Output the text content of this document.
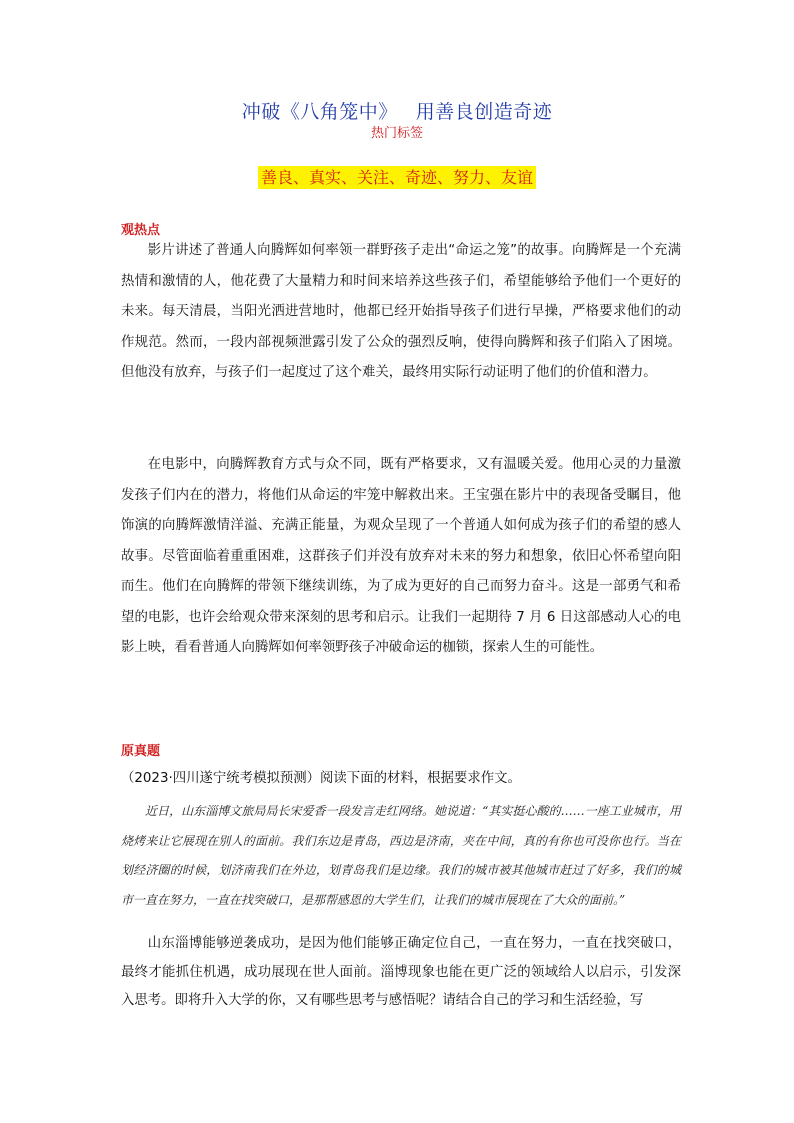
冲破《八角笼中》 用善良创造奇迹
热门标签
善良、真实、关注、奇迹、努力、友谊
观热点

影片讲述了普通人向腾辉如何率领一群野孩子走出“命运之笼”的故事。向腾辉是一个充满热情和激情的人，他花费了大量精力和时间来培养这些孩子们，希望能够给予他们一个更好的未来。每天清晨，当阳光洒进营地时，他都已经开始指导孩子们进行早操，严格要求他们的动作规范。然而，一段内部视频泄露引发了公众的强烈反响，使得向腾辉和孩子们陷入了困境。但他没有放弃，与孩子们一起度过了这个难关，最终用实际行动证明了他们的价值和潜力。

在电影中，向腾辉教育方式与众不同，既有严格要求，又有温暖关爱。他用心灵的力量激发孩子们内在的潜力，将他们从命运的牢笼中解救出来。王宝强在影片中的表现备受瞩目，他饰演的向腾辉激情洋溢、充满正能量，为观众呈现了一个普通人如何成为孩子们的希望的感人故事。尽管面临着重重困难，这群孩子们并没有放弃对未来的努力和想象，依旧心怀希望向阳而生。他们在向腾辉的带领下继续训练，为了成为更好的自己而努力奋斗。这是一部勇气和希望的电影，也许会给观众带来深刻的思考和启示。让我们一起期待 7 月 6 日这部感动人心的电影上映，看看普通人向腾辉如何率领野孩子冲破命运的枷锁，探索人生的可能性。

原真题
（2023·四川遂宁统考模拟预测）阅读下面的材料，根据要求作文。

近日，山东淄博文旅局局长宋爱香一段发言走红网络。她说道：“其实挺心酸的……一座工业城市，用烧烤来让它展现在别人的面前。我们东边是青岛，西边是济南，夹在中间，真的有你也可没你也行。当在划经济圈的时候，划济南我们在外边，划青岛我们是边缘。我们的城市被其他城市赶过了好多，我们的城市一直在努力，一直在找突破口，是那帮感恩的大学生们，让我们的城市展现在了大众的面前。”

山东淄博能够逆袭成功，是因为他们能够正确定位自己，一直在努力，一直在找突破口，最终才能抓住机遇，成功展现在世人面前。淄博现象也能在更广泛的领域给人以启示，引发深入思考。即将升入大学的你，又有哪些思考与感悟呢？请结合自己的学习和生活经验，写
